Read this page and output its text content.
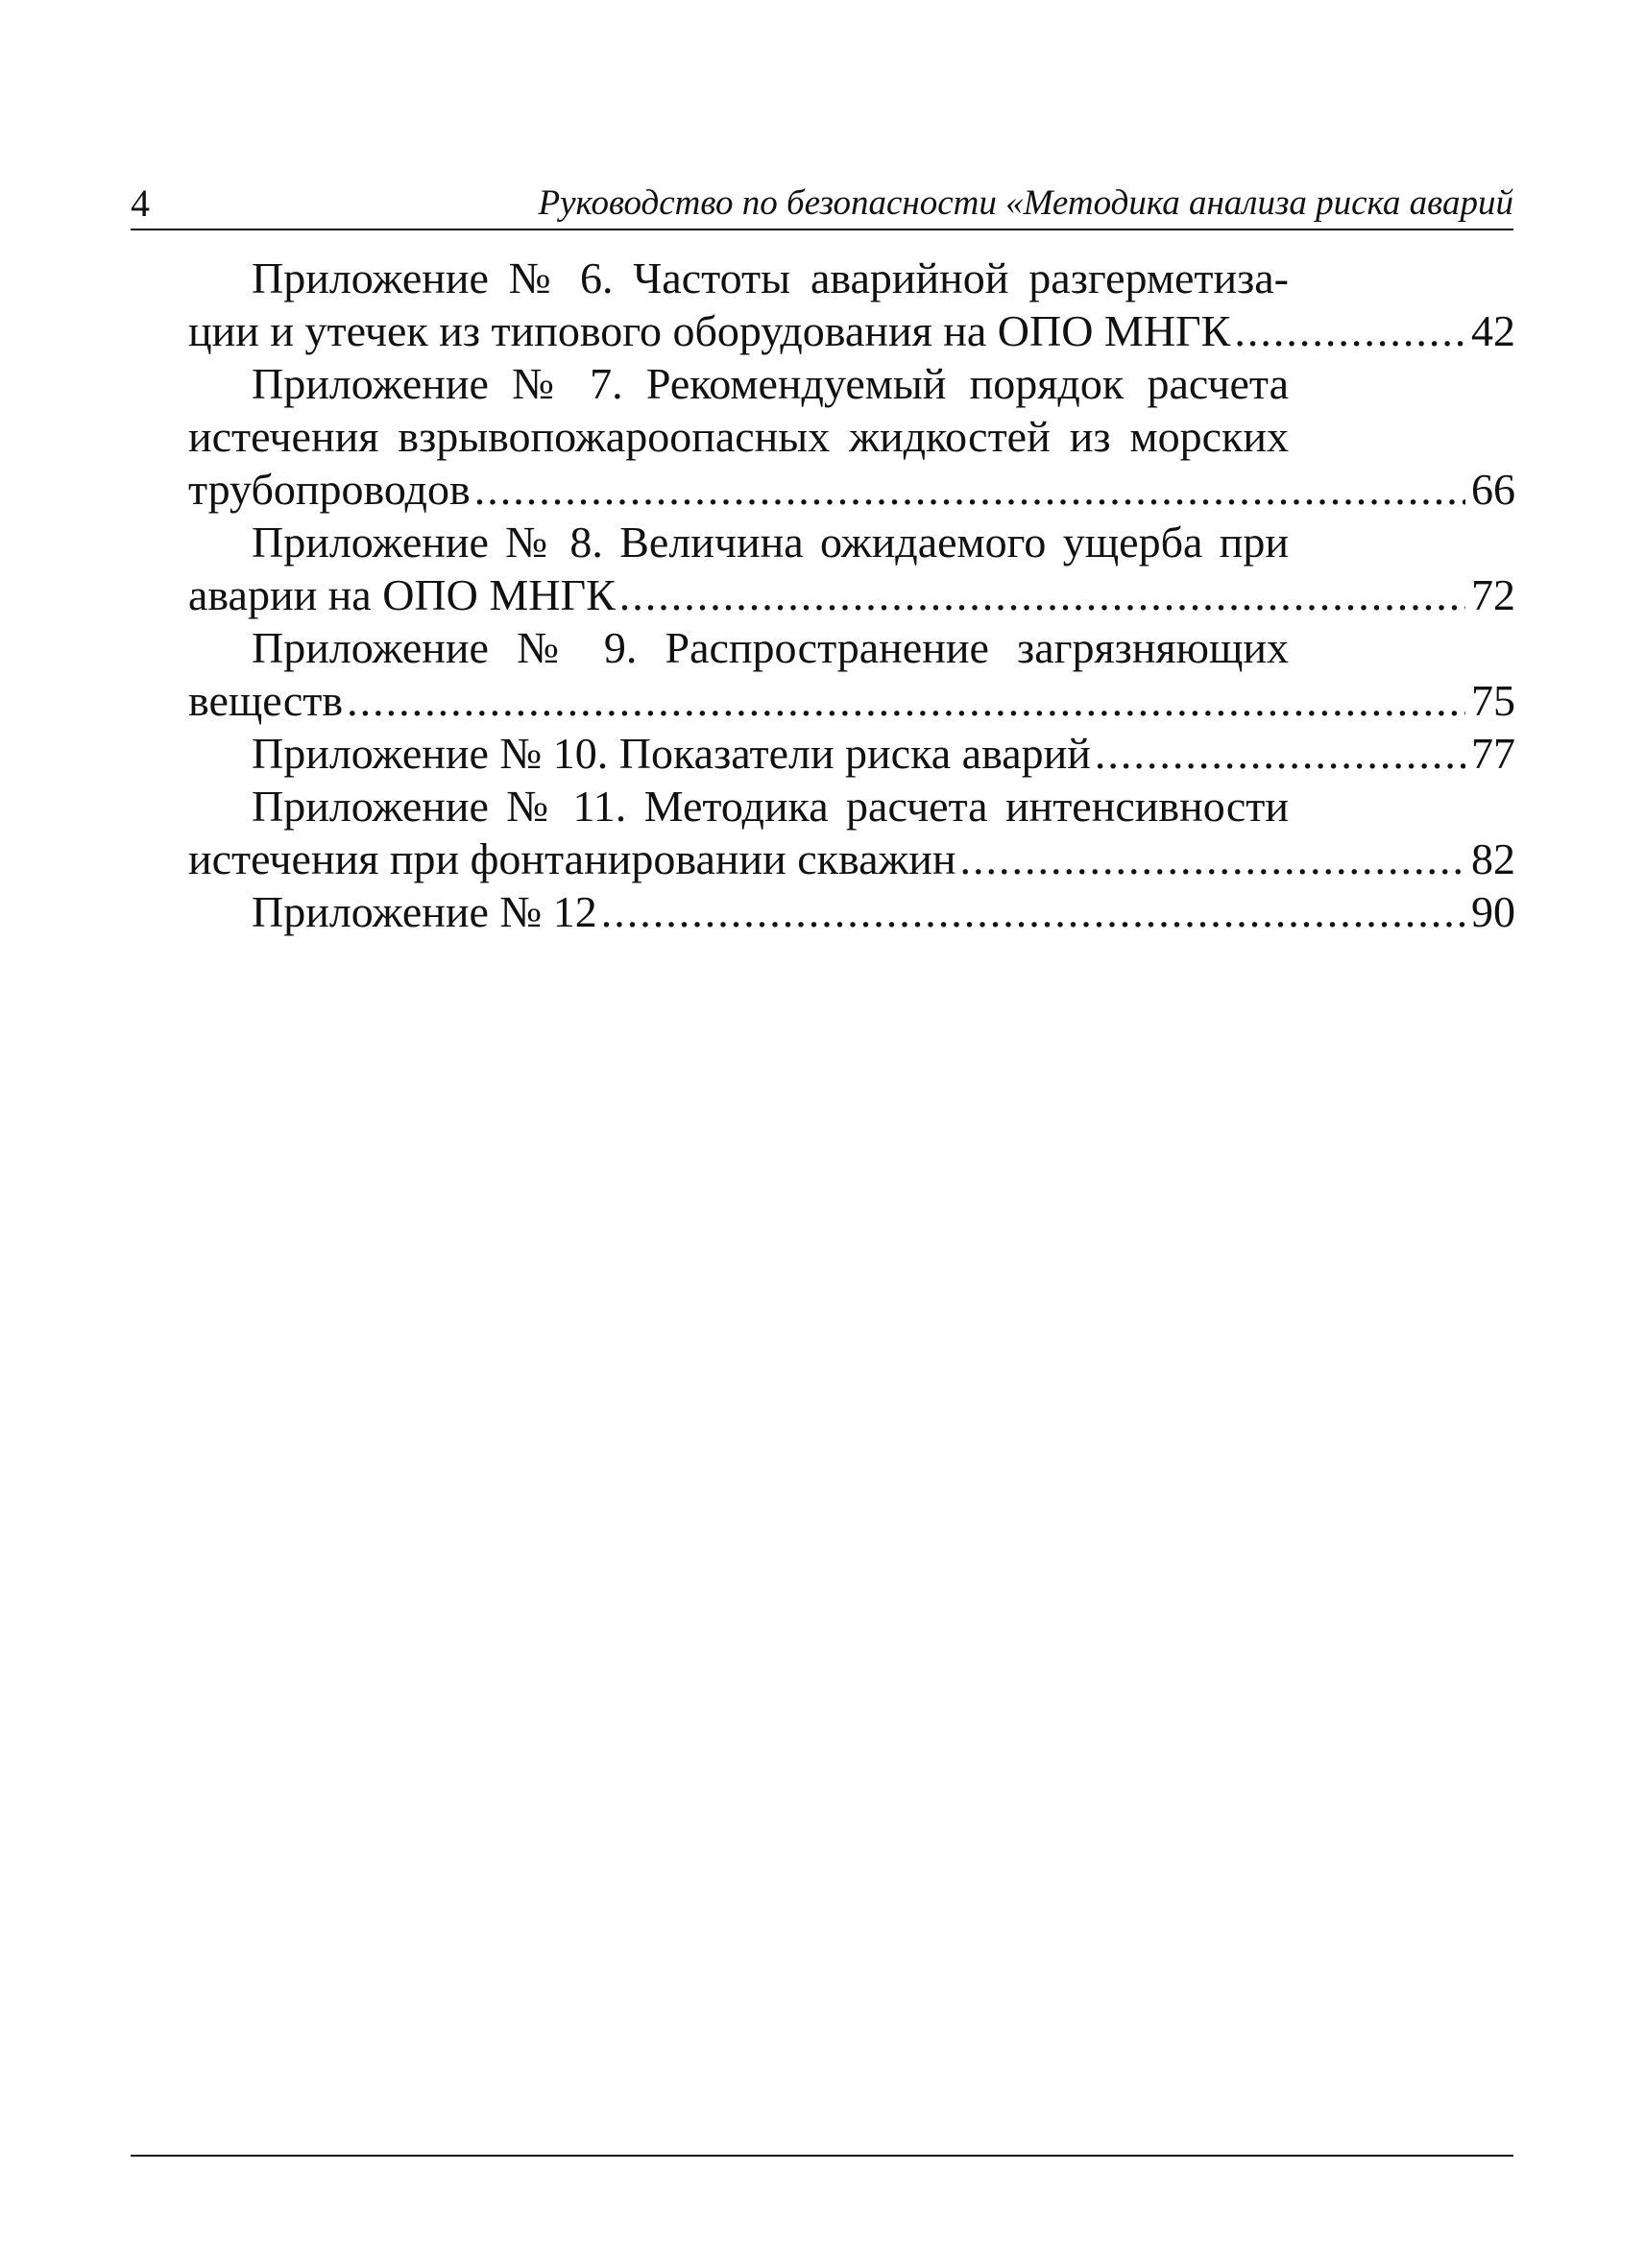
4	Руководство по безопасности «Методика анализа риска аварий
Приложение № 6. Частоты аварийной разгерметиза-
ции и утечек из типового оборудования на ОПО МНГК .....	42
Приложение № 7. Рекомендуемый порядок расчета
истечения взрывопожароопасных жидкостей из морских
трубопроводов .....	66
Приложение № 8. Величина ожидаемого ущерба при
аварии на ОПО МНГК .....	72
Приложение № 9. Распространение загрязняющих
веществ .....	75
Приложение № 10. Показатели риска аварий .....	77
Приложение № 11. Методика расчета интенсивности
истечения при фонтанировании скважин .....	82
Приложение № 12 .....	90
